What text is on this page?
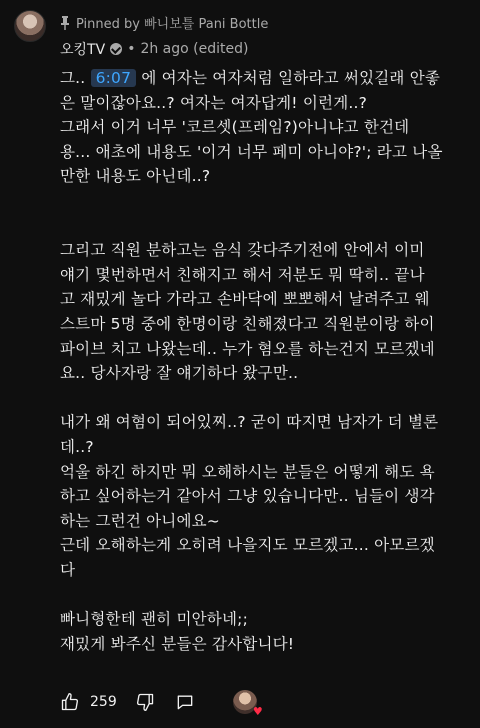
Pinned by 빠니보틀 Pani Bottle
오킹TV • 2h ago (edited)

그.. 6:07 에 여자는 여자처럼 일하라고 써있길래 안좋

은 말이잖아요..? 여자는 여자답게! 이런게..?

그래서 이거 너무 '코르셋(프레임?)아니냐고 한건데

용... 애초에 내용도 '이거 너무 페미 아니야?'; 라고 나올

만한 내용도 아닌데..?

그리고 직원 분하고는 음식 갖다주기전에 안에서 이미

얘기 몇번하면서 친해지고 해서 저분도 뭐 딱히.. 끝나

고 재밌게 놀다 가라고 손바닥에 뽀뽀해서 날려주고 웨

스트마 5명 중에 한명이랑 친해졌다고 직원분이랑 하이

파이브 치고 나왔는데.. 누가 혐오를 하는건지 모르겠네

요.. 당사자랑 잘 얘기하다 왔구만..

내가 왜 여혐이 되어있찌..? 굳이 따지면 남자가 더 별론

데..?

억울 하긴 하지만 뭐 오해하시는 분들은 어떻게 해도 욕

하고 싶어하는거 같아서 그냥 있습니다만.. 님들이 생각

하는 그런건 아니에요~

근데 오해하는게 오히려 나을지도 모르겠고... 아모르겠

다

빠니형한테 괜히 미안하네;;

재밌게 봐주신 분들은 감사합니다!

259
♥
